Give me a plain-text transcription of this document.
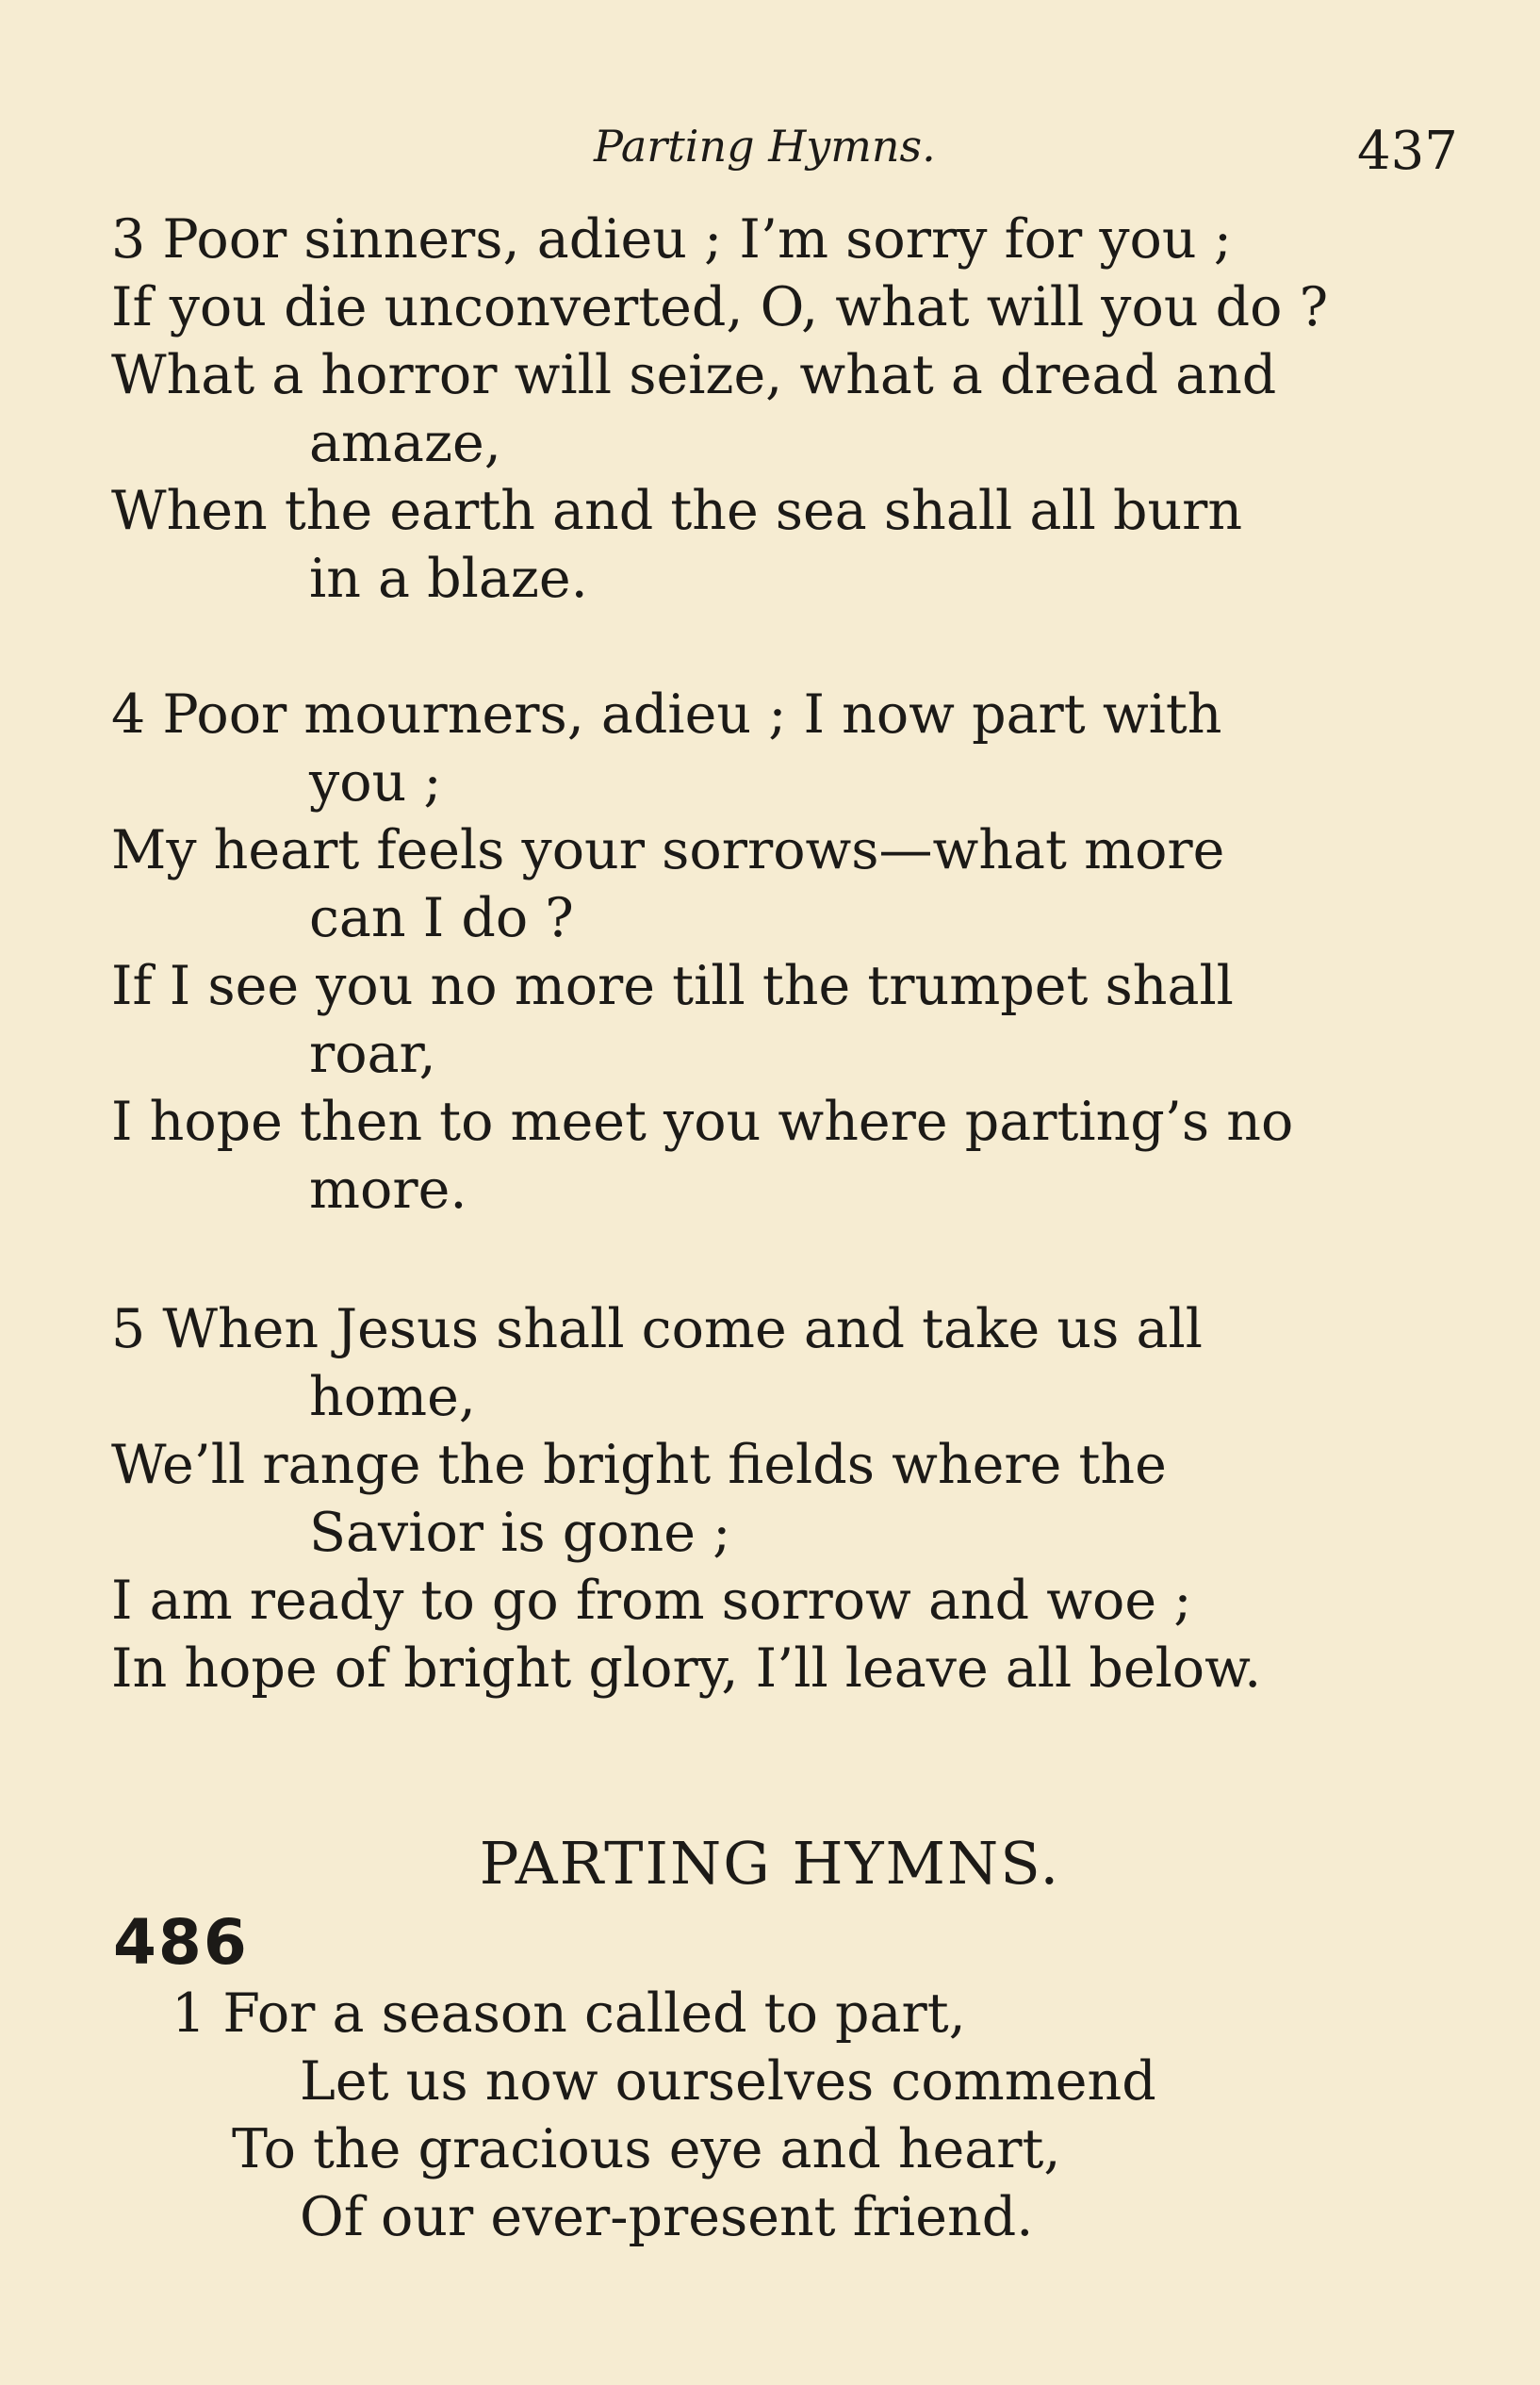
Parting Hymns.	437
3 Poor sinners, adieu ; I’m sorry for you ;
If you die unconverted, O, what will you do ?
What a horror will seize, what a dread and
amaze,
When the earth and the sea shall all burn
in a blaze.
4 Poor mourners, adieu ; I now part with
you ;
My heart feels your sorrows—what more
can I do ?
If I see you no more till the trumpet shall
roar,
I hope then to meet you where parting’s no
more.
5 When Jesus shall come and take us all
home,
We’ll range the bright fields where the
Savior is gone ;
I am ready to go from sorrow and woe ;
In hope of bright glory, I’ll leave all below.
PARTING HYMNS.
486
1 For a season called to part,
Let us now ourselves commend
To the gracious eye and heart,
Of our ever-present friend.
